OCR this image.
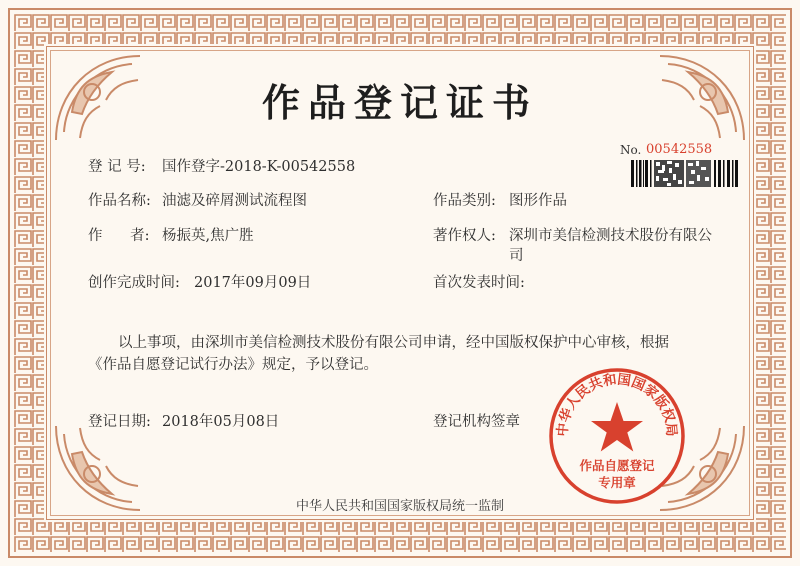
作品登记证书
No. 00542558
登 记 号: 国作登字-2018-K-00542558
作品名称: 油滤及碎屑测试流程图	作品类别: 图形作品
作      者: 杨振英,焦广胜	著作权人: 深圳市美信检测技术股份有限公
司
创作完成时间: 2017年09月09日	首次发表时间:
以上事项，由深圳市美信检测技术股份有限公司申请，经中国版权保护中心审核，根据
《作品自愿登记试行办法》规定，予以登记。
登记日期: 2018年05月08日	登记机构签章	中华人民共和国国家版权局
作品自愿登记
专用章
中华人民共和国国家版权局统一监制
